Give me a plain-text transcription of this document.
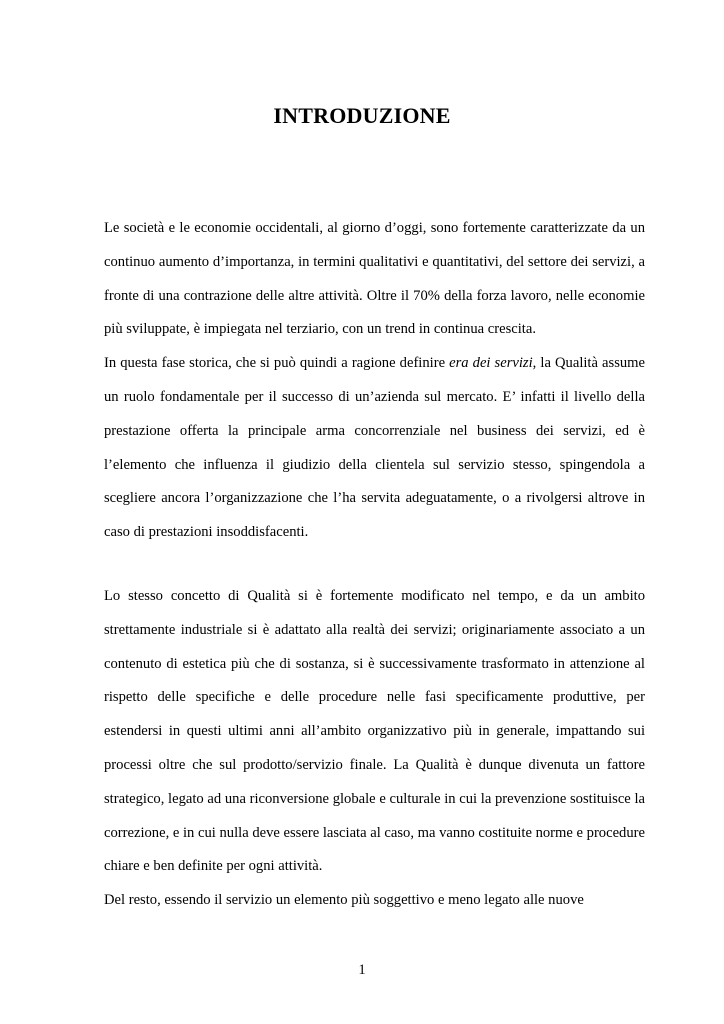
INTRODUZIONE

Le società e le economie occidentali, al giorno d’oggi, sono fortemente caratterizzate da un continuo aumento d’importanza, in termini qualitativi e quantitativi, del settore dei servizi, a fronte di una contrazione delle altre attività. Oltre il 70% della forza lavoro, nelle economie più sviluppate, è impiegata nel terziario, con un trend in continua crescita.

In questa fase storica, che si può quindi a ragione definire era dei servizi, la Qualità assume un ruolo fondamentale per il successo di un’azienda sul mercato. E’ infatti il livello della prestazione offerta la principale arma concorrenziale nel business dei servizi, ed è l’elemento che influenza il giudizio della clientela sul servizio stesso, spingendola a scegliere ancora l’organizzazione che l’ha servita adeguatamente, o a rivolgersi altrove in caso di prestazioni insoddisfacenti.

Lo stesso concetto di Qualità si è fortemente modificato nel tempo, e da un ambito strettamente industriale si è adattato alla realtà dei servizi; originariamente associato a un contenuto di estetica più che di sostanza, si è successivamente trasformato in attenzione al rispetto delle specifiche e delle procedure nelle fasi specificamente produttive, per estendersi in questi ultimi anni all’ambito organizzativo più in generale, impattando sui processi oltre che sul prodotto/servizio finale. La Qualità è dunque divenuta un fattore strategico, legato ad una riconversione globale e culturale in cui la prevenzione sostituisce la correzione, e in cui nulla deve essere lasciata al caso, ma vanno costituite norme e procedure chiare e ben definite per ogni attività.

Del resto, essendo il servizio un elemento più soggettivo e meno legato alle nuove

1
